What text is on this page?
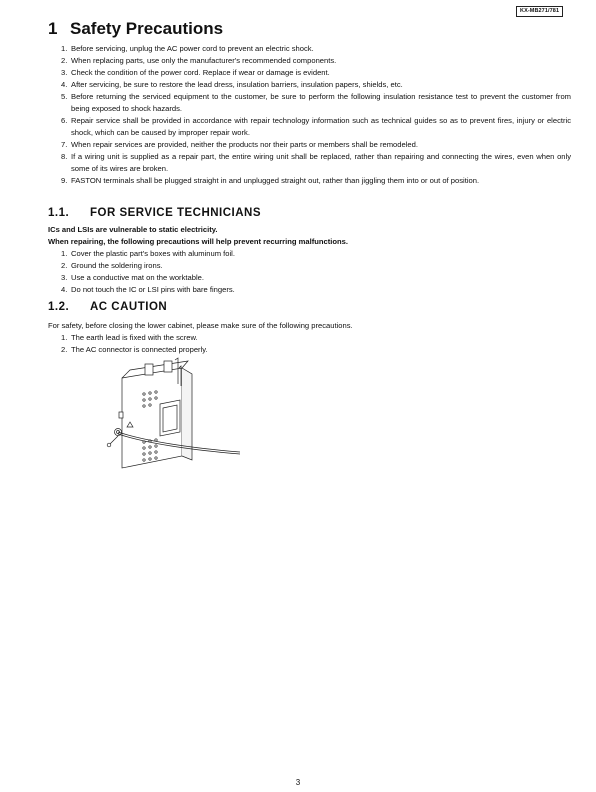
KX-MB271/781
1 Safety Precautions
1. Before servicing, unplug the AC power cord to prevent an electric shock.
2. When replacing parts, use only the manufacturer's recommended components.
3. Check the condition of the power cord. Replace if wear or damage is evident.
4. After servicing, be sure to restore the lead dress, insulation barriers, insulation papers, shields, etc.
5. Before returning the serviced equipment to the customer, be sure to perform the following insulation resistance test to prevent the customer from being exposed to shock hazards.
6. Repair service shall be provided in accordance with repair technology information such as technical guides so as to prevent fires, injury or electric shock, which can be caused by improper repair work.
7. When repair services are provided, neither the products nor their parts or members shall be remodeled.
8. If a wiring unit is supplied as a repair part, the entire wiring unit shall be replaced, rather than repairing and connecting the wires, even when only some of its wires are broken.
9. FASTON terminals shall be plugged straight in and unplugged straight out, rather than jiggling them into or out of position.
1.1. FOR SERVICE TECHNICIANS
ICs and LSIs are vulnerable to static electricity.
When repairing, the following precautions will help prevent recurring malfunctions.
1. Cover the plastic part's boxes with aluminum foil.
2. Ground the soldering irons.
3. Use a conductive mat on the worktable.
4. Do not touch the IC or LSI pins with bare fingers.
1.2. AC CAUTION
For safety, before closing the lower cabinet, please make sure of the following precautions.
1. The earth lead is fixed with the screw.
2. The AC connector is connected properly.
3
